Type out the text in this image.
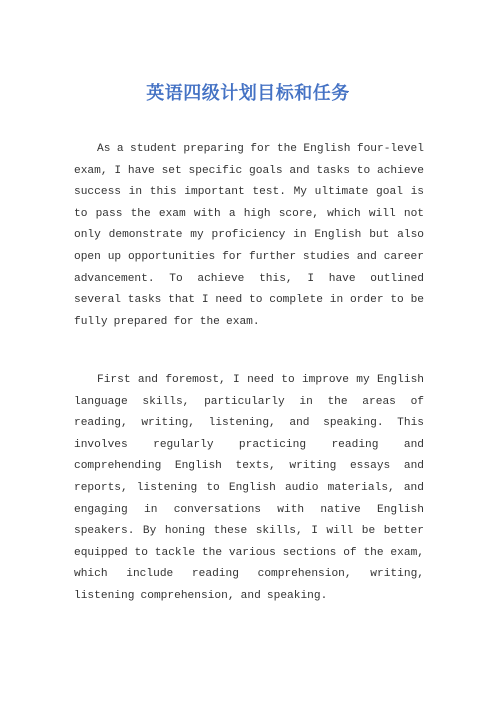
英语四级计划目标和任务

As a student preparing for the English four-level exam, I have set specific goals and tasks to achieve success in this important test. My ultimate goal is to pass the exam with a high score, which will not only demonstrate my proficiency in English but also open up opportunities for further studies and career advancement. To achieve this, I have outlined several tasks that I need to complete in order to be fully prepared for the exam.

First and foremost, I need to improve my English language skills, particularly in the areas of reading, writing, listening, and speaking. This involves regularly practicing reading and comprehending English texts, writing essays and reports, listening to English audio materials, and engaging in conversations with native English speakers. By honing these skills, I will be better equipped to tackle the various sections of the exam, which include reading comprehension, writing, listening comprehension, and speaking.
